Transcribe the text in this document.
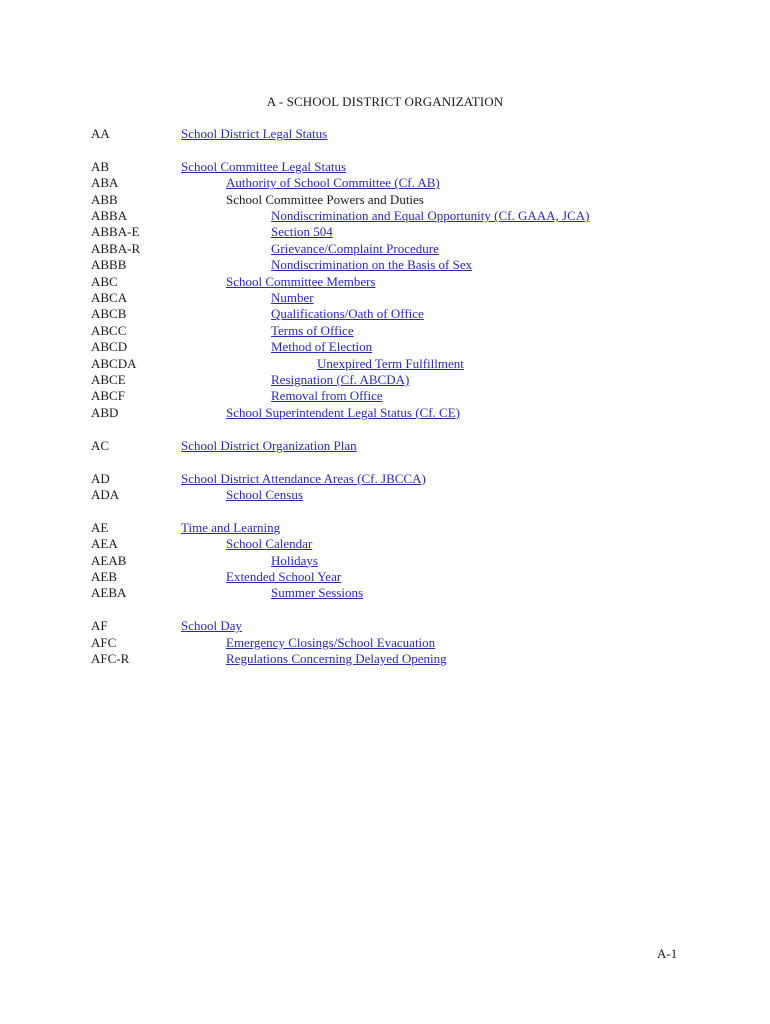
A - SCHOOL DISTRICT ORGANIZATION
AA	School District Legal Status
AB	School Committee Legal Status
ABA	Authority of School Committee (Cf. AB)
ABB	School Committee Powers and Duties
ABBA	Nondiscrimination and Equal Opportunity (Cf. GAAA, JCA)
ABBA-E	Section 504
ABBA-R	Grievance/Complaint Procedure
ABBB	Nondiscrimination on the Basis of Sex
ABC	School Committee Members
ABCA	Number
ABCB	Qualifications/Oath of Office
ABCC	Terms of Office
ABCD	Method of Election
ABCDA	Unexpired Term Fulfillment
ABCE	Resignation (Cf. ABCDA)
ABCF	Removal from Office
ABD	School Superintendent Legal Status (Cf. CE)
AC	School District Organization Plan
AD	School District Attendance Areas (Cf. JBCCA)
ADA	School Census
AE	Time and Learning
AEA	School Calendar
AEAB	Holidays
AEB	Extended School Year
AEBA	Summer Sessions
AF	School Day
AFC	Emergency Closings/School Evacuation
AFC-R	Regulations Concerning Delayed Opening
A-1
